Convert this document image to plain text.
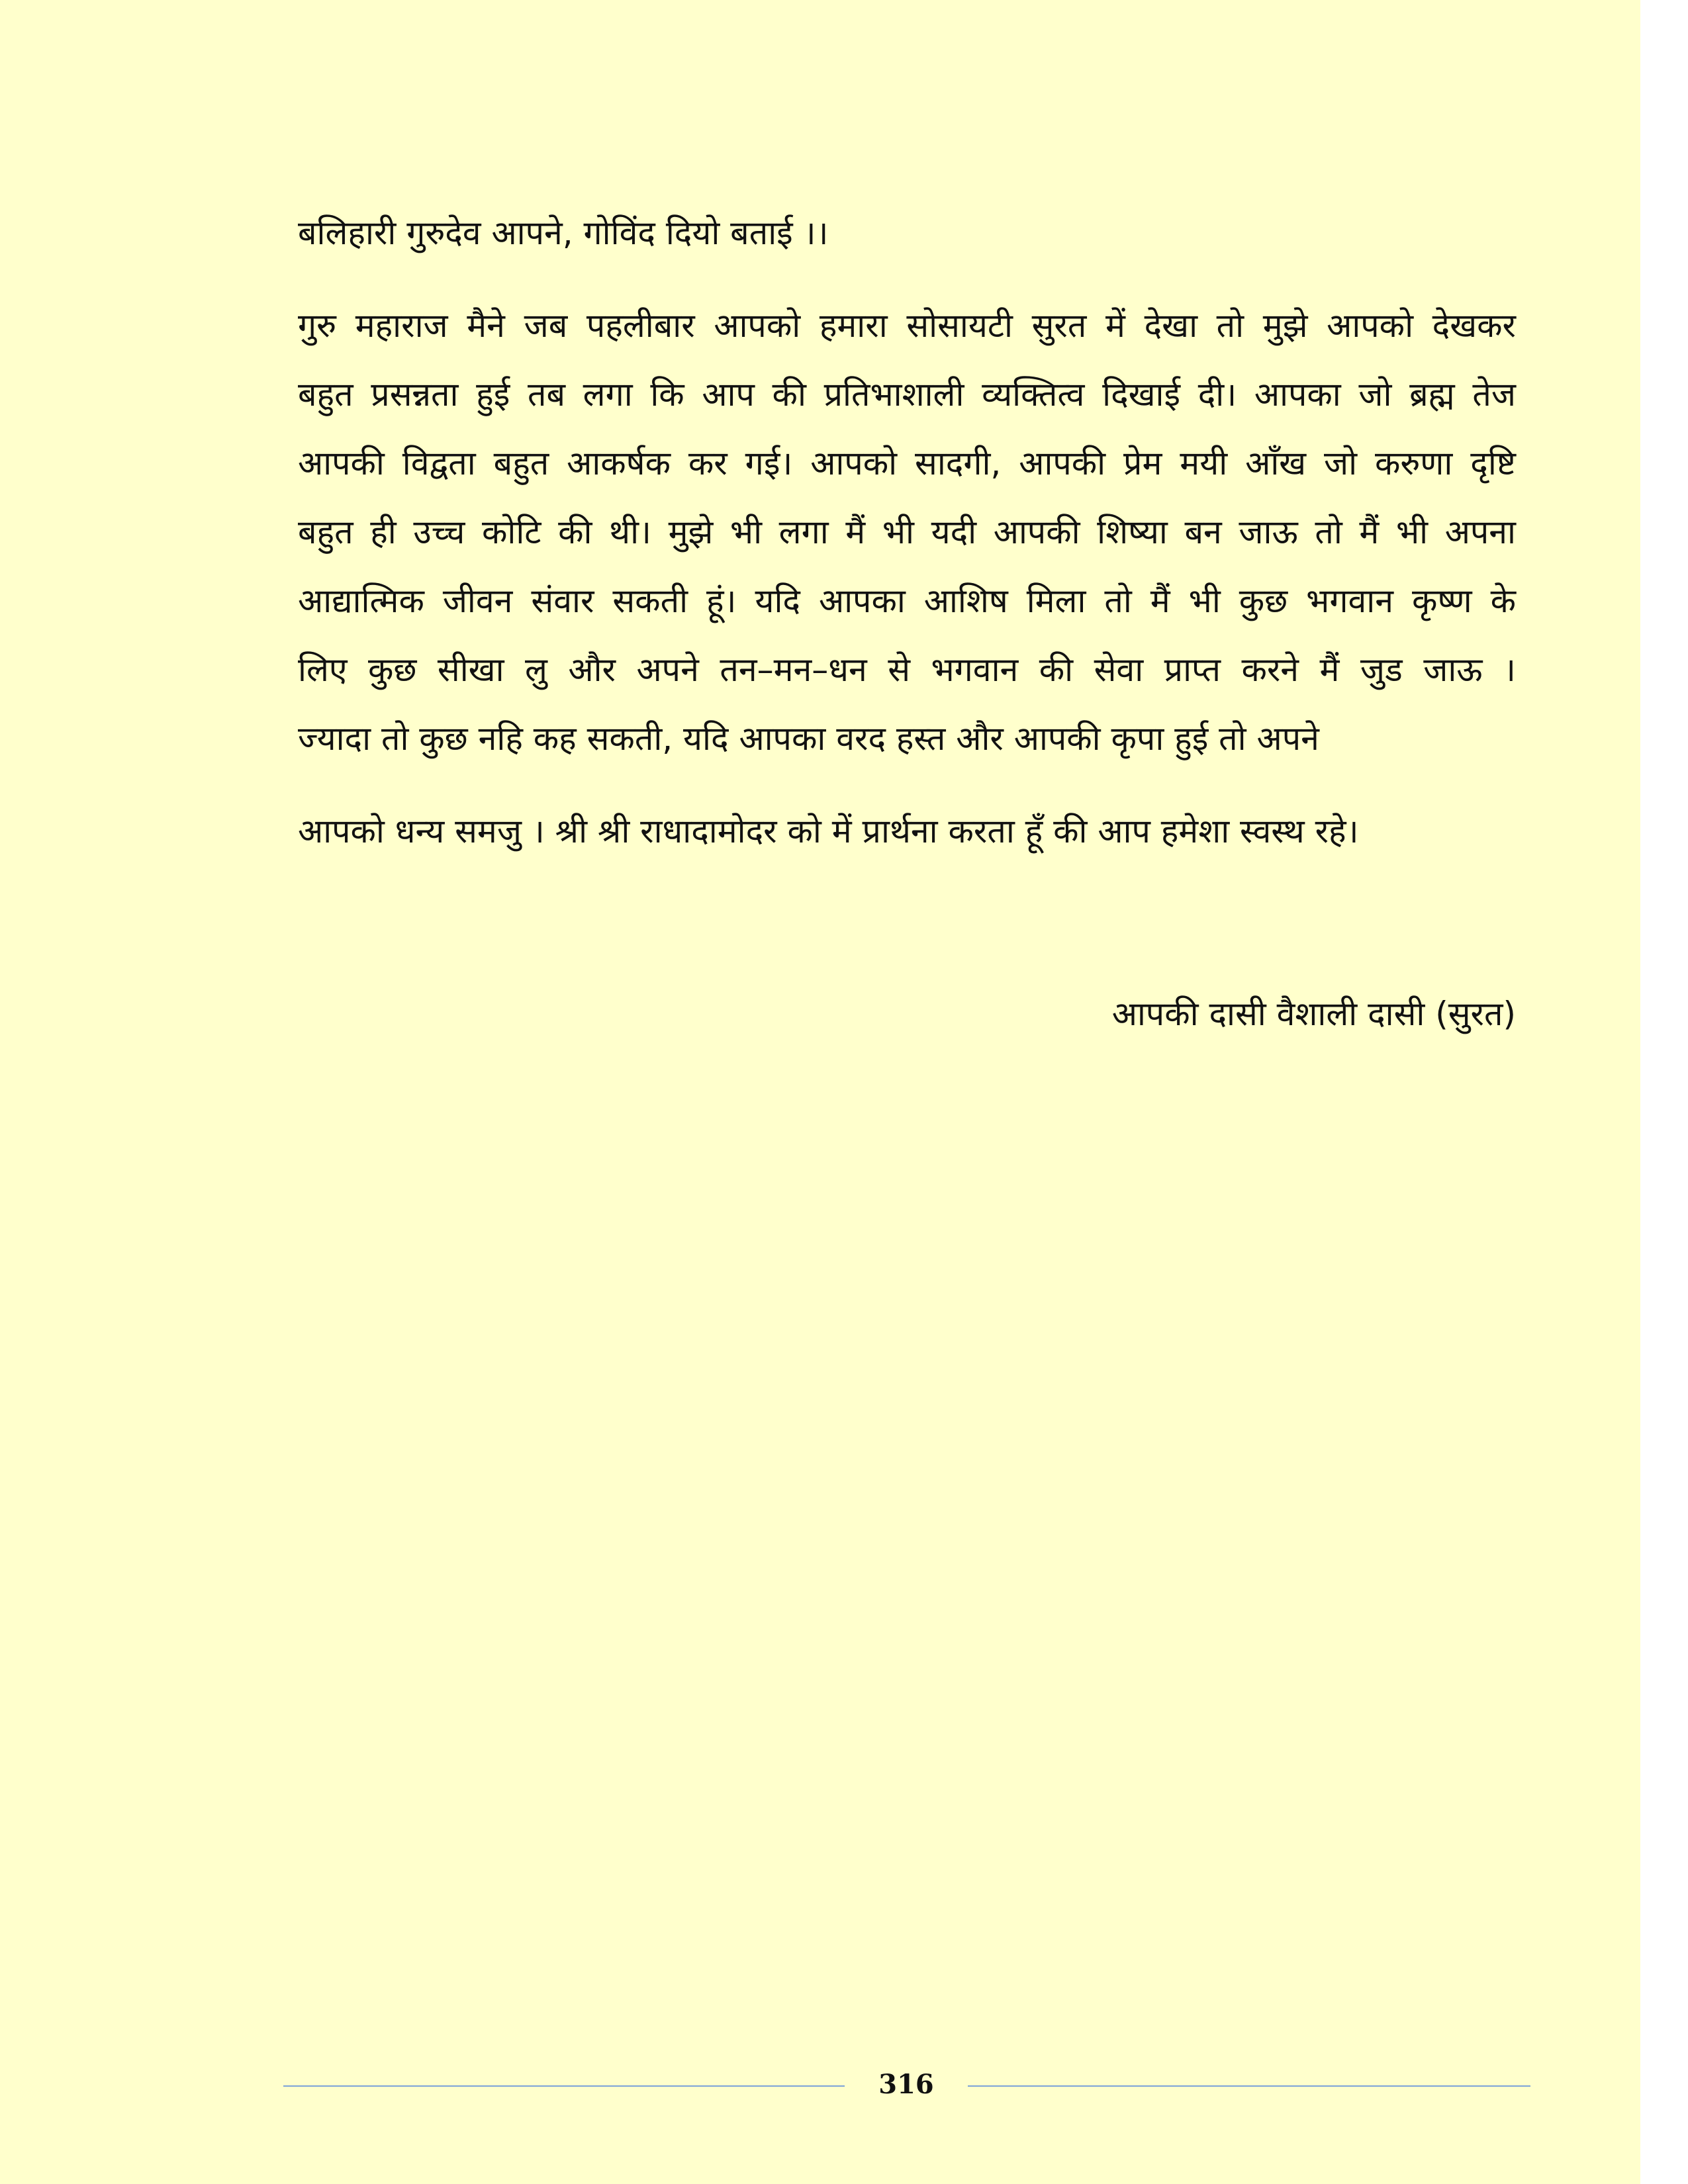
बलिहारी गुरुदेव आपने, गोविंद दियो बताई ।।

गुरु महाराज मैने जब पहलीबार आपको हमारा सोसायटी सुरत में देखा तो मुझे आपको देखकर

बहुत प्रसन्नता हुई तब लगा कि आप की प्रतिभाशाली व्यक्तित्व दिखाई दी। आपका जो ब्रह्म तेज

आपकी विद्वता बहुत आकर्षक कर गई। आपको सादगी, आपकी प्रेम मयी आँख जो करुणा दृष्टि

बहुत ही उच्च कोटि की थी। मुझे भी लगा मैं भी यदी आपकी शिष्या बन जाऊ तो मैं भी अपना

आद्यात्मिक जीवन संवार सकती हूं। यदि आपका आशिष मिला तो मैं भी कुछ भगवान कृष्ण के

लिए कुछ सीखा लु और अपने तन–मन–धन से भगवान की सेवा प्राप्त करने मैं जुड जाऊ ।

ज्यादा तो कुछ नहि कह सकती, यदि आपका वरद हस्त और आपकी कृपा हुई तो अपने

आपको धन्य समजु । श्री श्री राधादामोदर को में प्रार्थना करता हूँ की आप हमेशा स्वस्थ रहे।

आपकी दासी वैशाली दासी (सुरत)
316
